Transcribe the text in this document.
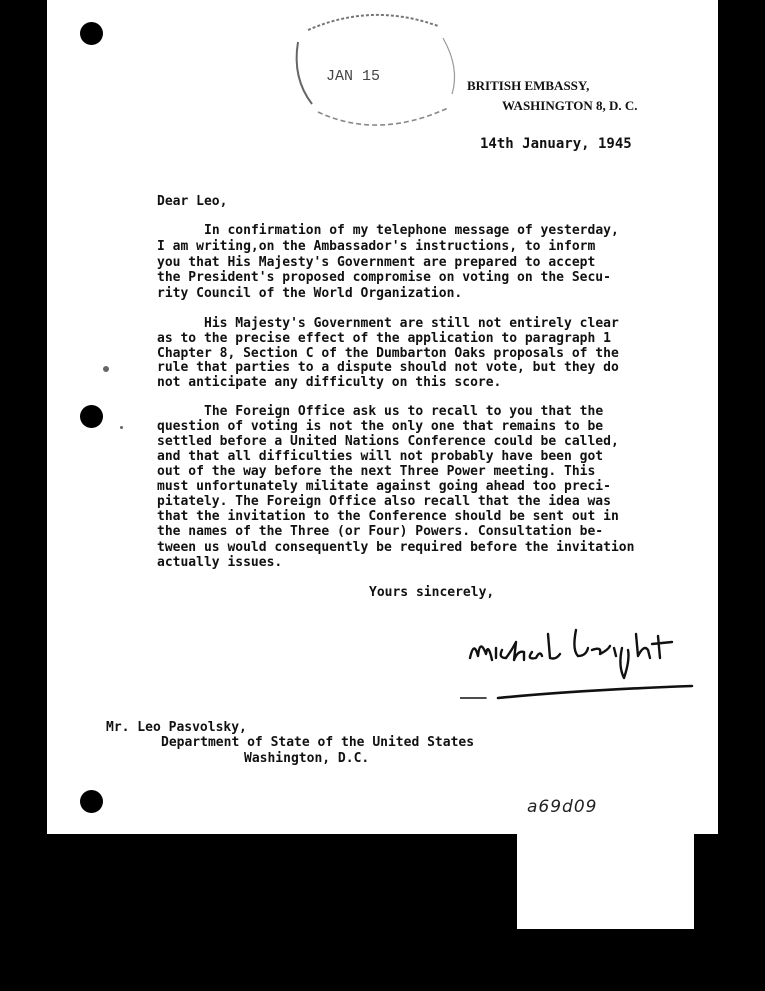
JAN 15
BRITISH EMBASSY,
WASHINGTON 8, D. C.
14th January, 1945
Dear Leo,
In confirmation of my telephone message of yesterday,
I am writing,on the Ambassador's instructions, to inform
you that His Majesty's Government are prepared to accept
the President's proposed compromise on voting on the Secu-
rity Council of the World Organization.
His Majesty's Government are still not entirely clear
as to the precise effect of the application to paragraph 1
Chapter 8, Section C of the Dumbarton Oaks proposals of the
rule that parties to a dispute should not vote, but they do
not anticipate any difficulty on this score.
The Foreign Office ask us to recall to you that the
question of voting is not the only one that remains to be
settled before a United Nations Conference could be called,
and that all difficulties will not probably have been got
out of the way before the next Three Power meeting. This
must unfortunately militate against going ahead too preci-
pitately. The Foreign Office also recall that the idea was
that the invitation to the Conference should be sent out in
the names of the Three (or Four) Powers. Consultation be-
tween us would consequently be required before the invitation
actually issues.
Yours sincerely,
Mr. Leo Pasvolsky,
Department of State of the United States
Washington, D.C.
a69d09
